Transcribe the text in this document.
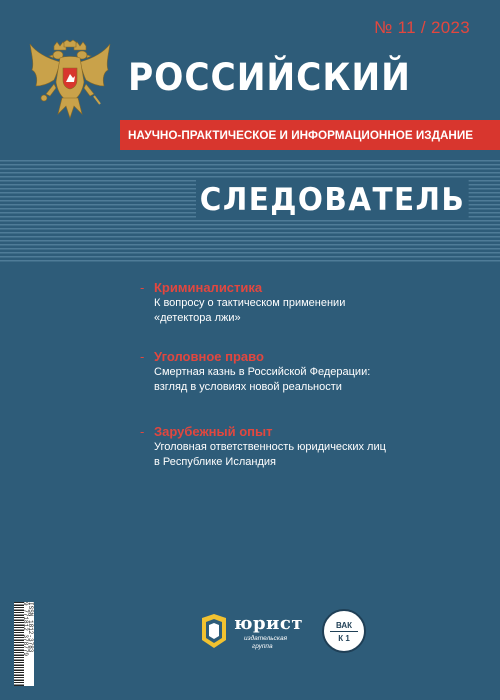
№ 11 / 2023
РОССИЙСКИЙ
НАУЧНО-ПРАКТИЧЕСКОЕ И ИНФОРМАЦИОННОЕ ИЗДАНИЕ
СЛЕДОВАТЕЛЬ
- Криминалистика
К вопросу о тактическом применении
«детектора лжи»
- Уголовное право
Смертная казнь в Российской Федерации:
взгляд в условиях новой реальности
- Зарубежный опыт
Уголовная ответственность юридических лиц
в Республике Исландия
ISSN 1812-3783
9 771812 378779	юрист
издательская
группа
ВАК
К 1
